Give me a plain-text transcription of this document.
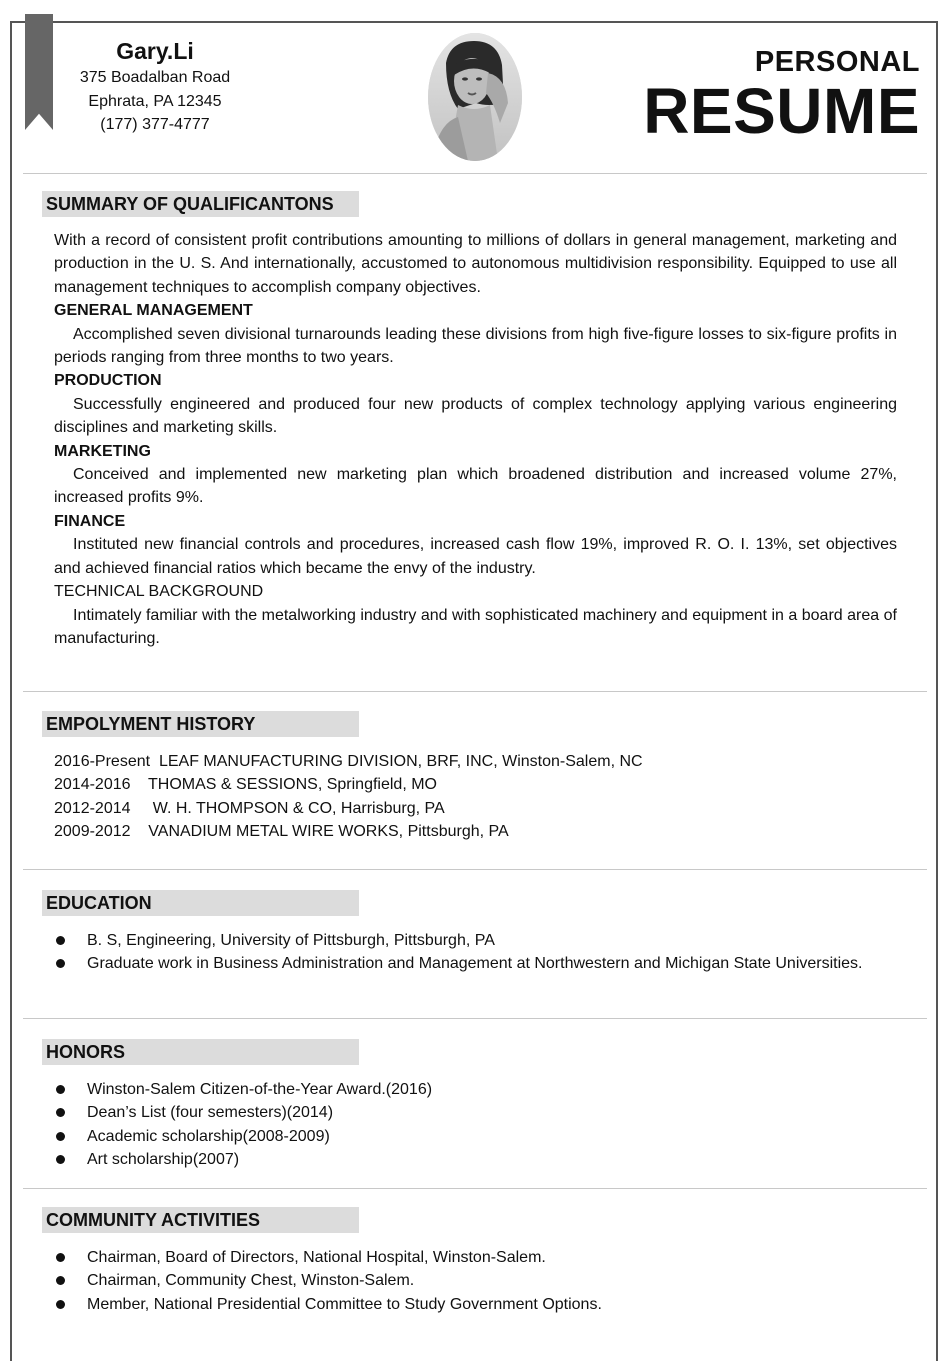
Gary.Li
375 Boadalban Road
Ephrata, PA 12345
(177) 377-4777
PERSONAL
RESUME
SUMMARY OF QUALIFICANTONS

With a record of consistent profit contributions amounting to millions of dollars in general management, marketing and production in the U. S. And internationally, accustomed to autonomous multidivision responsibility. Equipped to use all management techniques to accomplish company objectives.

GENERAL MANAGEMENT

Accomplished seven divisional turnarounds leading these divisions from high five-figure losses to six-figure profits in periods ranging from three months to two years.

PRODUCTION

Successfully engineered and produced four new products of complex technology applying various engineering disciplines and marketing skills.

MARKETING

Conceived and implemented new marketing plan which broadened distribution and increased volume 27%, increased profits 9%.

FINANCE

Instituted new financial controls and procedures, increased cash flow 19%, improved R. O. I. 13%, set objectives and achieved financial ratios which became the envy of the industry.

TECHNICAL BACKGROUND

Intimately familiar with the metalworking industry and with sophisticated machinery and equipment in a board area of manufacturing.

EMPOLYMENT HISTORY
2016-Present  LEAF MANUFACTURING DIVISION, BRF, INC, Winston-Salem, NC
2014-2016    THOMAS & SESSIONS, Springfield, MO
2012-2014     W. H. THOMPSON & CO, Harrisburg, PA
2009-2012    VANADIUM METAL WIRE WORKS, Pittsburgh, PA
EDUCATION
B. S, Engineering, University of Pittsburgh, Pittsburgh, PA
Graduate work in Business Administration and Management at Northwestern and Michigan State Universities.
HONORS
Winston-Salem Citizen-of-the-Year Award.(2016)
Dean’s List (four semesters)(2014)
Academic scholarship(2008-2009)
Art scholarship(2007)
COMMUNITY ACTIVITIES
Chairman, Board of Directors, National Hospital, Winston-Salem.
Chairman, Community Chest, Winston-Salem.
Member, National Presidential Committee to Study Government Options.
